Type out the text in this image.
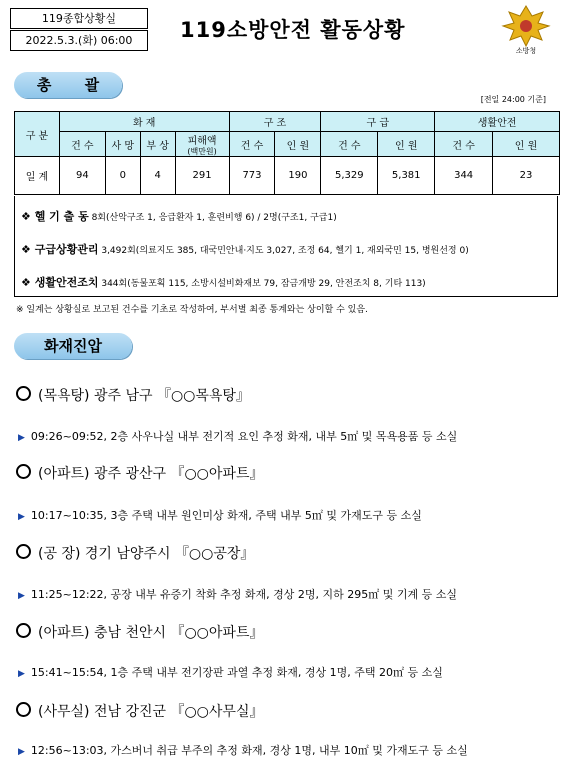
119종합상황실
2022.5.3.(화) 06:00	119소방안전 활동상황
소방청
총 괄
[전일 24:00 기준]
구 분	화 재				구 조		구 급		생활안전	
	건 수	사 망	부 상	피해액
(백만원)	건 수	인 원	건 수	인 원	건 수	인 원
일 계	94	0	4	291	773	190	5,329	5,381	344	23
❖ 헬 기 출 동 8회(산악구조 1, 응급환자 1, 훈련비행 6) / 2명(구조1, 구급1)
❖ 구급상황관리 3,492회(의료지도 385, 대국민안내·지도 3,027, 조정 64, 헬기 1, 재외국민 15, 병원선정 0)
❖ 생활안전조치 344회(동물포획 115, 소방시설비화재보 79, 잠금개방 29, 안전조치 8, 기타 113)
※ 일계는 상황실로 보고된 건수를 기초로 작성하여, 부서별 최종 통계와는 상이할 수 있음.
화재진압
(목욕탕) 광주 남구 『○○목욕탕』
▶ 09:26~09:52, 2층 사우나실 내부 전기적 요인 추정 화재, 내부 5㎡ 및 목욕용품 등 소실
(아파트) 광주 광산구 『○○아파트』
▶ 10:17~10:35, 3층 주택 내부 원인미상 화재, 주택 내부 5㎡ 및 가재도구 등 소실
(공 장) 경기 남양주시 『○○공장』
▶ 11:25~12:22, 공장 내부 유증기 착화 추정 화재, 경상 2명, 지하 295㎡ 및 기계 등 소실
(아파트) 충남 천안시 『○○아파트』
▶ 15:41~15:54, 1층 주택 내부 전기장판 과열 추정 화재, 경상 1명, 주택 20㎡ 등 소실
(사무실) 전남 강진군 『○○사무실』
▶ 12:56~13:03, 가스버너 취급 부주의 추정 화재, 경상 1명, 내부 10㎡ 및 가재도구 등 소실
